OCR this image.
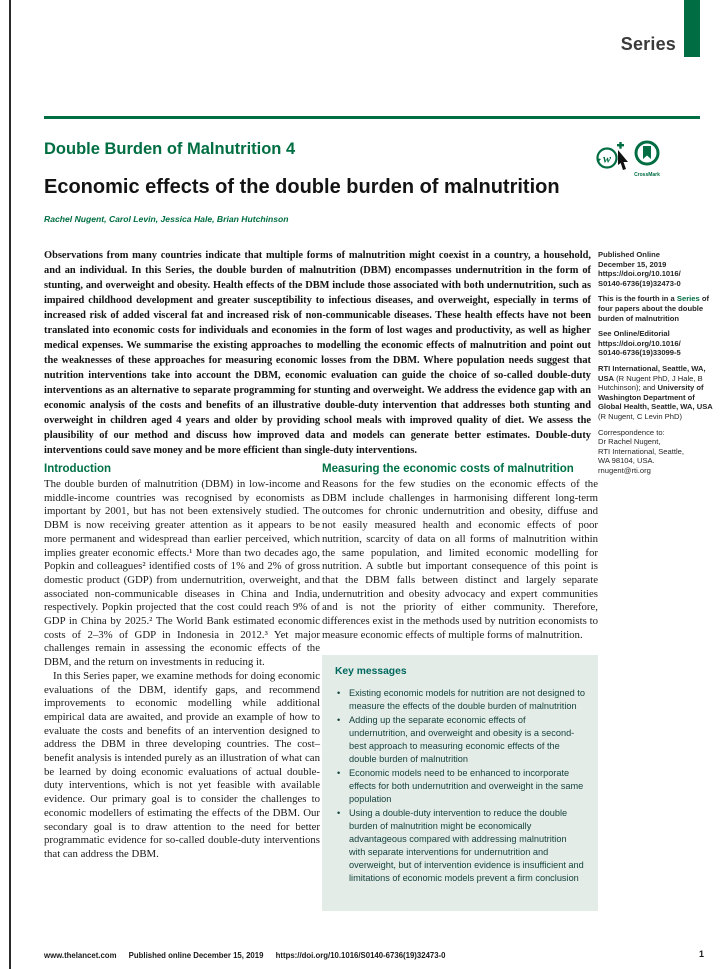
Series
Double Burden of Malnutrition 4
w
CrossMark
Economic effects of the double burden of malnutrition
Rachel Nugent, Carol Levin, Jessica Hale, Brian Hutchinson
Observations from many countries indicate that multiple forms of malnutrition might coexist in a country, a household, and an individual. In this Series, the double burden of malnutrition (DBM) encompasses undernutrition in the form of stunting, and overweight and obesity. Health effects of the DBM include those associated with both undernutrition, such as impaired childhood development and greater susceptibility to infectious diseases, and overweight, especially in terms of increased risk of added visceral fat and increased risk of non-communicable diseases. These health effects have not been translated into economic costs for individuals and economies in the form of lost wages and productivity, as well as higher medical expenses. We summarise the existing approaches to modelling the economic effects of malnutrition and point out the weaknesses of these approaches for measuring economic losses from the DBM. Where population needs suggest that nutrition interventions take into account the DBM, economic evaluation can guide the choice of so-called double-duty interventions as an alternative to separate programming for stunting and overweight. We address the evidence gap with an economic analysis of the costs and benefits of an illustrative double-duty intervention that addresses both stunting and overweight in children aged 4 years and older by providing school meals with improved quality of diet. We assess the plausibility of our method and discuss how improved data and models can generate better estimates. Double-duty interventions could save money and be more efficient than single-duty interventions.
Published Online
December 15, 2019
https://doi.org/10.1016/
S0140-6736(19)32473-0
This is the fourth in a Series of four papers about the double burden of malnutrition
See Online/Editorial
https://doi.org/10.1016/
S0140-6736(19)33099-5
RTI International, Seattle, WA, USA (R Nugent PhD, J Hale, B Hutchinson); and University of Washington Department of Global Health, Seattle, WA, USA (R Nugent, C Levin PhD)
Correspondence to:
Dr Rachel Nugent,
RTI International, Seattle,
WA 98104, USA.
rnugent@rti.org
Introduction
The double burden of malnutrition (DBM) in low-income and middle-income countries was recognised by economists as important by 2001, but has not been extensively studied. The DBM is now receiving greater attention as it appears to be more permanent and widespread than earlier perceived, which implies greater economic effects.¹ More than two decades ago, Popkin and colleagues² identified costs of 1% and 2% of gross domestic product (GDP) from undernutrition, overweight, and associated non-communicable diseases in China and India, respectively. Popkin projected that the cost could reach 9% of GDP in China by 2025.² The World Bank estimated economic costs of 2–3% of GDP in Indonesia in 2012.³ Yet major challenges remain in assessing the economic effects of the DBM, and the return on investments in reducing it.
In this Series paper, we examine methods for doing economic evaluations of the DBM, identify gaps, and recommend improvements to economic modelling while additional empirical data are awaited, and provide an example of how to evaluate the costs and benefits of an intervention designed to address the DBM in three developing countries. The cost–benefit analysis is intended purely as an illustration of what can be learned by doing economic evaluations of actual double-duty interventions, which is not yet feasible with available evidence. Our primary goal is to consider the challenges to economic modellers of estimating the effects of the DBM. Our secondary goal is to draw attention to the need for better programmatic evidence for so-called double-duty interventions that can address the DBM.
Measuring the economic costs of malnutrition
Reasons for the few studies on the economic effects of the DBM include challenges in harmonising different long-term outcomes for chronic undernutrition and obesity, diffuse and not easily measured health and economic effects of poor nutrition, scarcity of data on all forms of malnutrition within the same population, and limited economic modelling for nutrition. A subtle but important consequence of this point is that the DBM falls between distinct and largely separate undernutrition and obesity advocacy and expert communities and is not the priority of either community. Therefore, differences exist in the methods used by nutrition economists to measure economic effects of multiple forms of malnutrition.
Key messages
• Existing economic models for nutrition are not designed to measure the effects of the double burden of malnutrition
• Adding up the separate economic effects of undernutrition, and overweight and obesity is a second-best approach to measuring economic effects of the double burden of malnutrition
• Economic models need to be enhanced to incorporate effects for both undernutrition and overweight in the same population
• Using a double-duty intervention to reduce the double burden of malnutrition might be economically advantageous compared with addressing malnutrition with separate interventions for undernutrition and overweight, but of intervention evidence is insufficient and limitations of economic models prevent a firm conclusion
www.thelancet.com Published online December 15, 2019 https://doi.org/10.1016/S0140-6736(19)32473-0	1
